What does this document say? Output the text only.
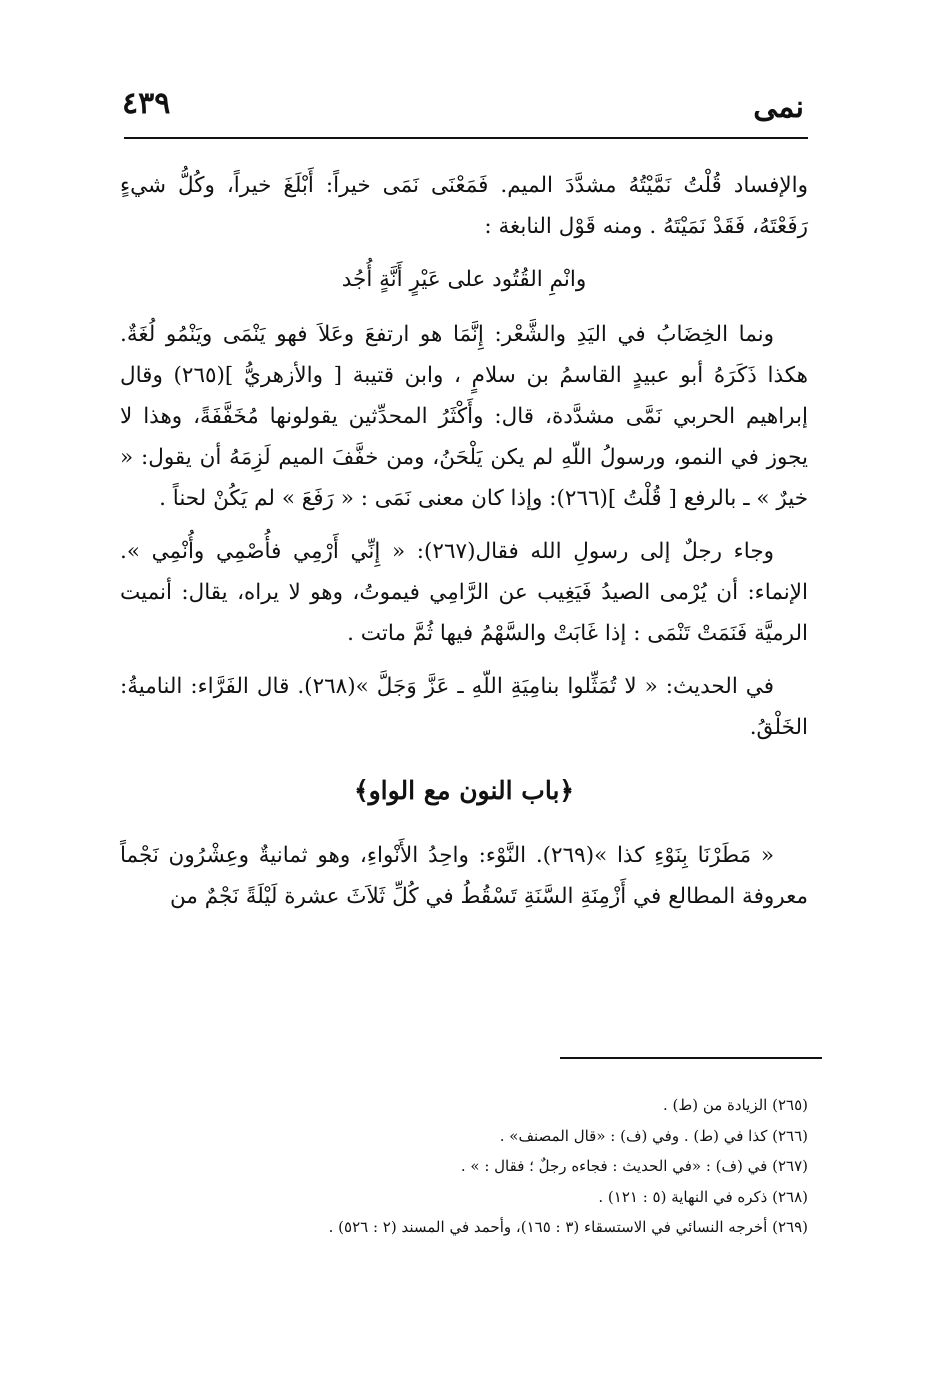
نمى
٤٣٩

والإفساد قُلْتُ نَمَّيْتُهُ مشدَّدَ الميم. فَمَعْنَى نَمَى خيراً: أَبْلَغَ خيراً، وكُلُّ شيءٍ رَفَعْتَهُ، فَقَدْ نَمَيْتَهُ . ومنه قَوْل النابغة :

وانْمِ القُتُود على عَيْرٍ أَنَّةٍ أُجُد

ونما الخِضَابُ في اليَدِ والشَّعْر: إِنَّمَا هو ارتفعَ وعَلاَ فهو يَنْمَى ويَنْمُو لُغَةٌ. هكذا ذَكَرَهُ أبو عبيدٍ القاسمُ بن سلامٍ ، وابن قتيبة [ والأزهريُّ ](٢٦٥) وقال إبراهيم الحربي نَمَّى مشدَّدة، قال: وأَكْثَرُ المحدِّثين يقولونها مُخَفَّفَةً، وهذا لا يجوز في النمو، ورسولُ اللّهِ لم يكن يَلْحَنُ، ومن خفَّفَ الميم لَزِمَهُ أن يقول: « خيرٌ » ـ بالرفع [ قُلْتُ ](٢٦٦): وإذا كان معنى نَمَى : « رَفَعَ » لم يَكُنْ لحناً .

وجاء رجلٌ إلى رسولِ الله فقال(٢٦٧): « إِنِّي أَرْمِي فأُصْمِي وأُنْمِي ». الإنماء: أن يُرْمى الصيدُ فَيَغِيب عن الرَّامِي فيموتُ، وهو لا يراه، يقال: أنميت الرميَّة فَنَمَتْ تَنْمَى : إذا غَابَتْ والسَّهْمُ فيها ثُمَّ ماتت .

في الحديث: « لا تُمَثِّلوا بنامِيَةِ اللّهِ ـ عَزَّ وَجَلَّ »(٢٦٨). قال الفَرَّاء: الناميةُ: الخَلْقُ.

﴿باب النون مع الواو﴾

« مَطَرْنَا بِنَوْءِ كذا »(٢٦٩). النَّوْء: واحِدُ الأَنْواءِ، وهو ثمانيةٌ وعِشْرُون نَجْماً معروفة المطالع في أَزْمِنَةِ السَّنَةِ تَسْقُطُ في كُلِّ ثَلاَثَ عشرة لَيْلَةً نَجْمٌ من

(٢٦٥) الزيادة من (ط) .
(٢٦٦) كذا في (ط) . وفي (ف) : «قال المصنف» .
(٢٦٧) في (ف) : «في الحديث : فجاءه رجلٌ ؛ فقال : » .
(٢٦٨) ذكره في النهاية (٥ : ١٢١) .
(٢٦٩) أخرجه النسائي في الاستسقاء (٣ : ١٦٥)، وأحمد في المسند (٢ : ٥٢٦) .
